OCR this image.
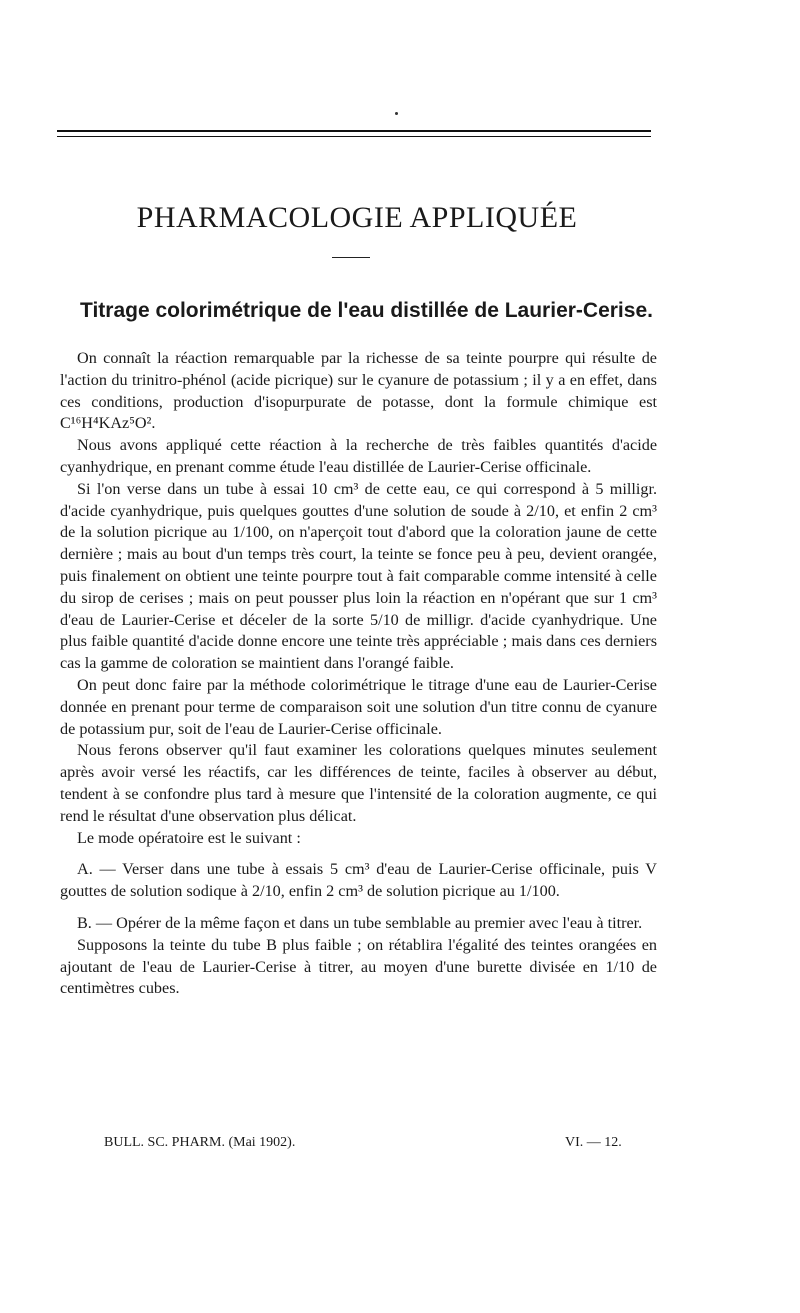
PHARMACOLOGIE APPLIQUÉE
Titrage colorimétrique de l'eau distillée de Laurier-Cerise.

On connaît la réaction remarquable par la richesse de sa teinte pourpre qui résulte de l'action du trinitro-phénol (acide picrique) sur le cyanure de potassium ; il y a en effet, dans ces conditions, production d'isopurpurate de potasse, dont la formule chimique est C¹⁶H⁴KAz⁵O².

Nous avons appliqué cette réaction à la recherche de très faibles quantités d'acide cyanhydrique, en prenant comme étude l'eau distillée de Laurier-Cerise officinale.

Si l'on verse dans un tube à essai 10 cm³ de cette eau, ce qui correspond à 5 milligr. d'acide cyanhydrique, puis quelques gouttes d'une solution de soude à 2/10, et enfin 2 cm³ de la solution picrique au 1/100, on n'aperçoit tout d'abord que la coloration jaune de cette dernière ; mais au bout d'un temps très court, la teinte se fonce peu à peu, devient orangée, puis finalement on obtient une teinte pourpre tout à fait comparable comme intensité à celle du sirop de cerises ; mais on peut pousser plus loin la réaction en n'opérant que sur 1 cm³ d'eau de Laurier-Cerise et déceler de la sorte 5/10 de milligr. d'acide cyanhydrique. Une plus faible quantité d'acide donne encore une teinte très appréciable ; mais dans ces derniers cas la gamme de coloration se maintient dans l'orangé faible.

On peut donc faire par la méthode colorimétrique le titrage d'une eau de Laurier-Cerise donnée en prenant pour terme de comparaison soit une solution d'un titre connu de cyanure de potassium pur, soit de l'eau de Laurier-Cerise officinale.

Nous ferons observer qu'il faut examiner les colorations quelques minutes seulement après avoir versé les réactifs, car les différences de teinte, faciles à observer au début, tendent à se confondre plus tard à mesure que l'intensité de la coloration augmente, ce qui rend le résultat d'une observation plus délicat.

Le mode opératoire est le suivant :

A. — Verser dans une tube à essais 5 cm³ d'eau de Laurier-Cerise officinale, puis V gouttes de solution sodique à 2/10, enfin 2 cm³ de solution picrique au 1/100.

B. — Opérer de la même façon et dans un tube semblable au premier avec l'eau à titrer.

Supposons la teinte du tube B plus faible ; on rétablira l'égalité des teintes orangées en ajoutant de l'eau de Laurier-Cerise à titrer, au moyen d'une burette divisée en 1/10 de centimètres cubes.

BULL. SC. PHARM. (Mai 1902).	VI. — 12.
